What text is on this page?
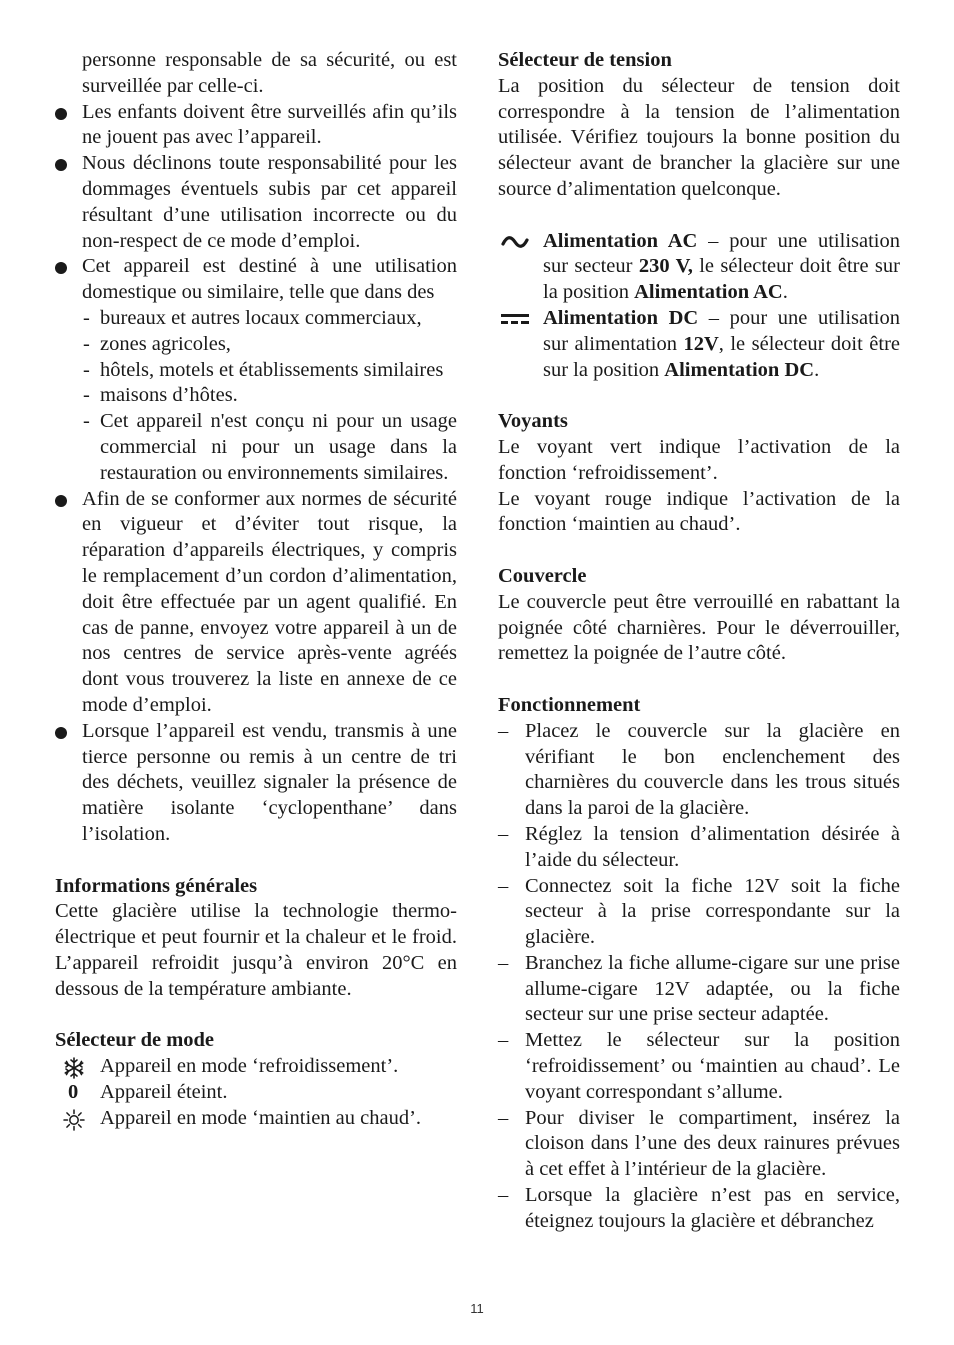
personne responsable de sa sécurité, ou est surveillée par celle-ci.

Les enfants doivent être surveillés afin qu’ils ne jouent pas avec l’appareil.
Nous déclinons toute responsabilité pour les dommages éventuels subis par cet appareil résultant d’une utilisation incorrecte ou du non-respect de ce mode d’emploi.
Cet appareil est destiné à une utilisation domestique ou similaire, telle que dans des
- bureaux et autres locaux commerciaux,
- zones agricoles,
- hôtels, motels et établissements similaires
- maisons d’hôtes.
- Cet appareil n'est conçu ni pour un usage commercial ni pour un usage dans la restauration ou environnements similaires.
Afin de se conformer aux normes de sécurité en vigueur et d’éviter tout risque, la réparation d’appareils électriques, y compris le remplacement d’un cordon d’alimentation, doit être effectuée par un agent qualifié. En cas de panne, envoyez votre appareil à un de nos centres de service après-vente agréés dont vous trouverez la liste en annexe de ce mode d’emploi.
Lorsque l’appareil est vendu, transmis à une tierce personne ou remis à un centre de tri des déchets, veuillez signaler la présence de matière isolante ‘cyclopenthane’ dans l’isolation.

Informations générales

Cette glacière utilise la technologie thermo-électrique et peut fournir et la chaleur et le froid. L’appareil refroidit jusqu’à environ 20°C en dessous de la température ambiante.

Sélecteur de mode

Appareil en mode ‘refroidissement’.
0 Appareil éteint.
Appareil en mode ‘maintien au chaud’.

Sélecteur de tension

La position du sélecteur de tension doit correspondre à la tension de l’alimentation utilisée. Vérifiez toujours la bonne position du sélecteur avant de brancher la glacière sur une source d’alimentation quelconque.

Alimentation AC – pour une utilisation sur secteur 230 V, le sélecteur doit être sur la position Alimentation AC.
Alimentation DC – pour une utilisation sur alimentation 12V, le sélecteur doit être sur la position Alimentation DC.

Voyants

Le voyant vert indique l’activation de la fonction ‘refroidissement’.

Le voyant rouge indique l’activation de la fonction ‘maintien au chaud’.

Couvercle

Le couvercle peut être verrouillé en rabattant la poignée côté charnières. Pour le déverrouiller, remettez la poignée de l’autre côté.

Fonctionnement

– Placez le couvercle sur la glacière en vérifiant le bon enclenchement des charnières du couvercle dans les trous situés dans la paroi de la glacière.
– Réglez la tension d’alimentation désirée à l’aide du sélecteur.
– Connectez soit la fiche 12V soit la fiche secteur à la prise correspondante sur la glacière.
– Branchez la fiche allume-cigare sur une prise allume-cigare 12V adaptée, ou la fiche secteur sur une prise secteur adaptée.
– Mettez le sélecteur sur la position ‘refroidissement’ ou ‘maintien au chaud’. Le voyant correspondant s’allume.
– Pour diviser le compartiment, insérez la cloison dans l’une des deux rainures prévues à cet effet à l’intérieur de la glacière.
– Lorsque la glacière n’est pas en service, éteignez toujours la glacière et débranchez
11
